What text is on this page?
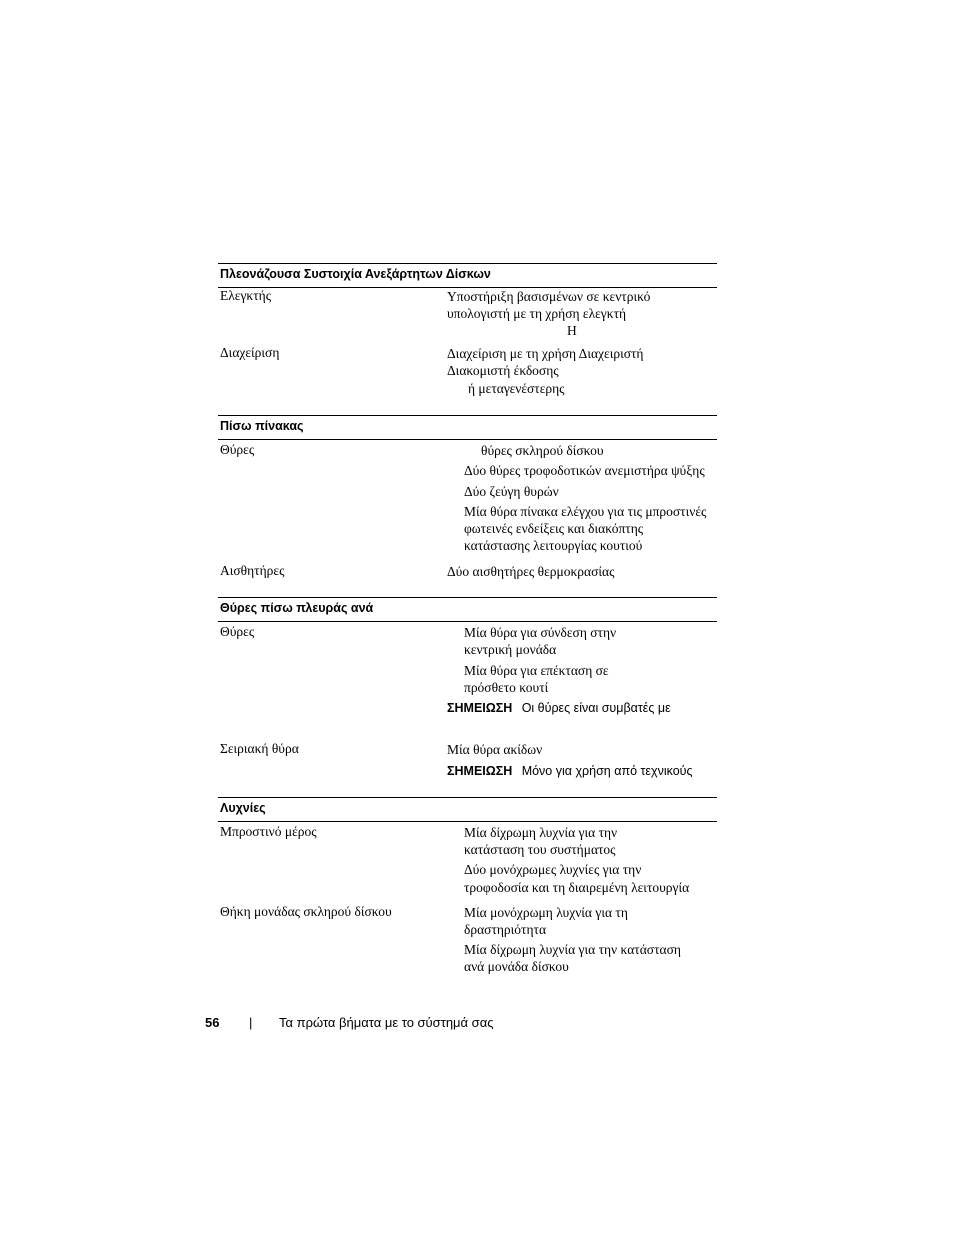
Πλεονάζουσα Συστοιχία Ανεξάρτητων Δίσκων
Ελεγκτής	Υποστήριξη βασισμένων σε κεντρικό
υπολογιστή με τη χρήση ελεγκτή
Η
Διαχείριση	Διαχείριση με τη χρήση Διαχειριστή
Διακομιστή έκδοσης
ή μεταγενέστερης
Πίσω πίνακας
Θύρες	θύρες σκληρού δίσκου
Δύο θύρες τροφοδοτικών ανεμιστήρα ψύξης
Δύο ζεύγη θυρών
Μία θύρα πίνακα ελέγχου για τις μπροστινές
φωτεινές ενδείξεις και διακόπτης
κατάστασης λειτουργίας κουτιού
Αισθητήρες	Δύο αισθητήρες θερμοκρασίας
Θύρες πίσω πλευράς ανά
Θύρες	Μία θύρα για σύνδεση στην
κεντρική μονάδα
Μία θύρα για επέκταση σε
πρόσθετο κουτί
ΣΗΜΕΙΩΣΗ Οι θύρες είναι συμβατές με
Σειριακή θύρα	Μία θύρα ακίδων
ΣΗΜΕΙΩΣΗ Μόνο για χρήση από τεχνικούς
Λυχνίες
Μπροστινό μέρος	Μία δίχρωμη λυχνία για την
κατάσταση του συστήματος
Δύο μονόχρωμες λυχνίες για την
τροφοδοσία και τη διαιρεμένη λειτουργία
Θήκη μονάδας σκληρού δίσκου	Μία μονόχρωμη λυχνία για τη
δραστηριότητα
Μία δίχρωμη λυχνία για την κατάσταση
ανά μονάδα δίσκου
56 | Τα πρώτα βήματα με το σύστημά σας
